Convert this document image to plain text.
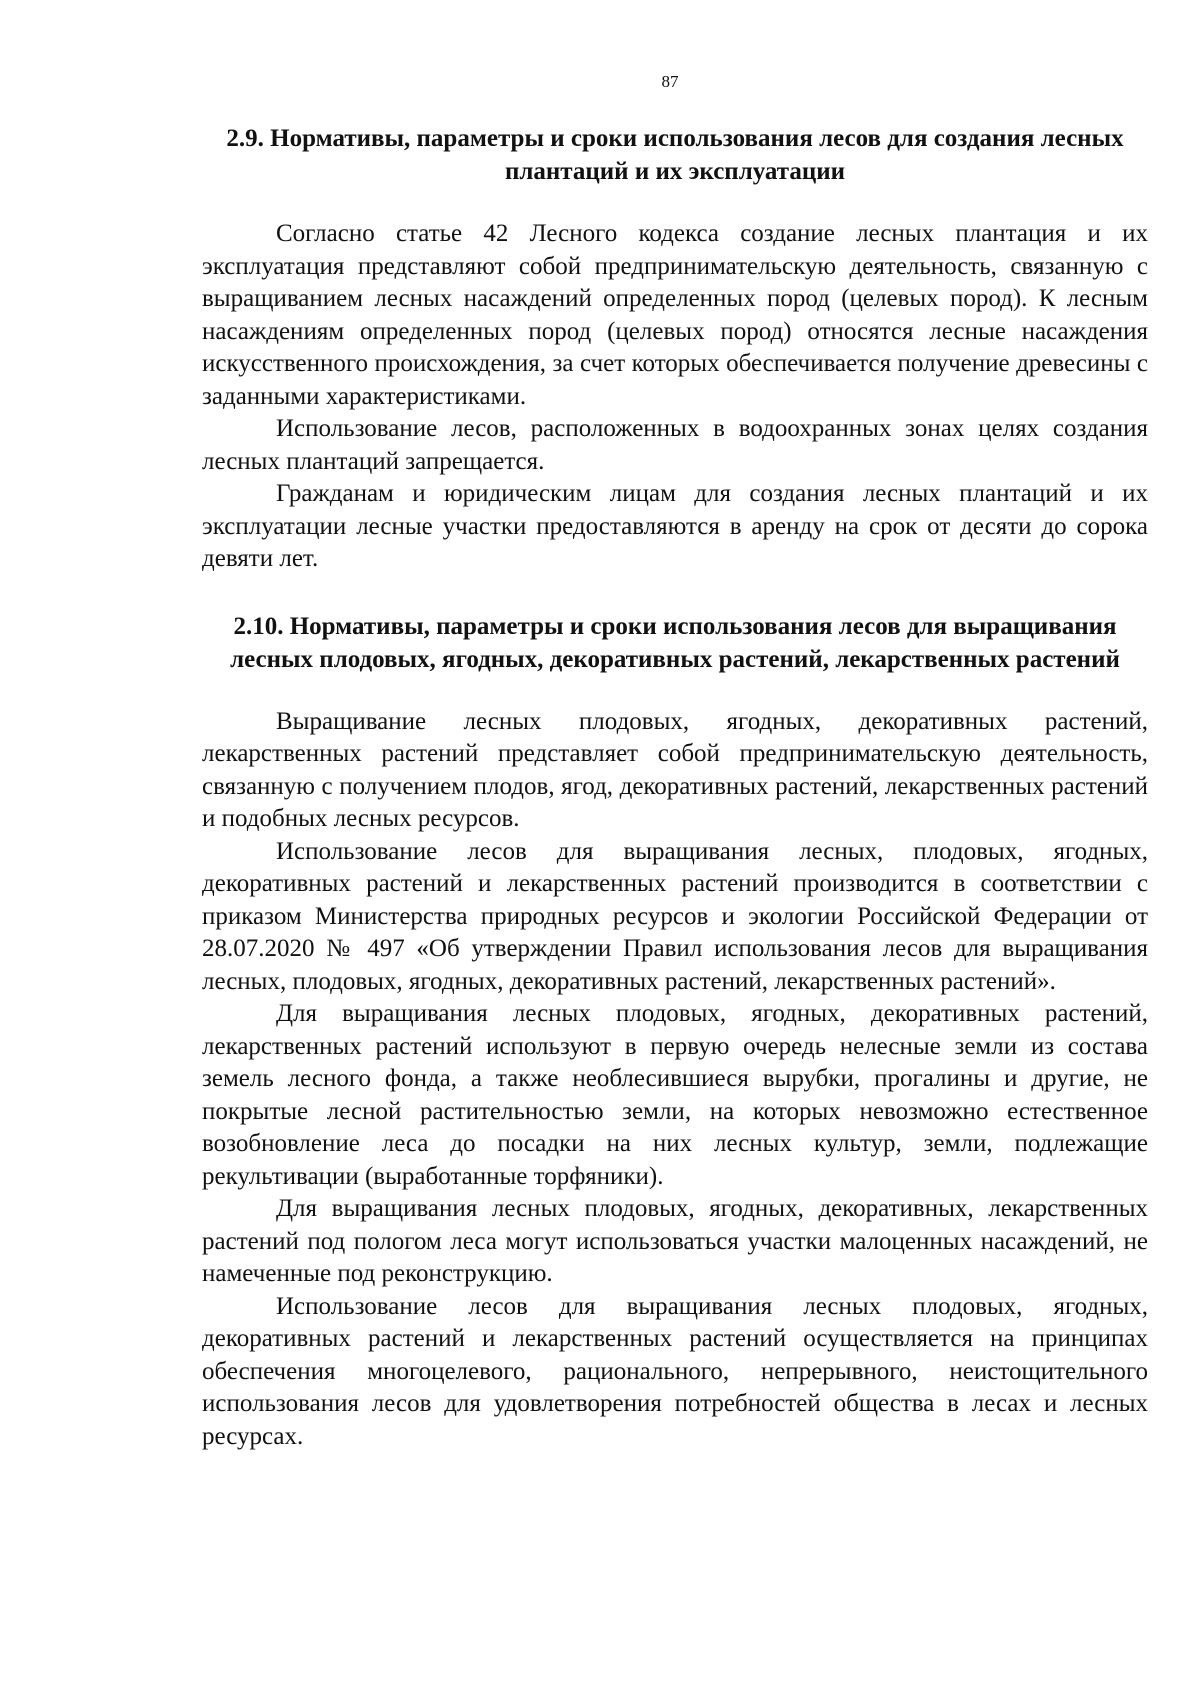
87
2.9. Нормативы, параметры и сроки использования лесов для создания лесных плантаций и их эксплуатации

Согласно статье 42 Лесного кодекса создание лесных плантация и их эксплуатация представляют собой предпринимательскую деятельность, связанную с выращиванием лесных насаждений определенных пород (целевых пород). К лесным насаждениям определенных пород (целевых пород) относятся лесные насаждения искусственного происхождения, за счет которых обеспечивается получение древесины с заданными характеристиками.

Использование лесов, расположенных в водоохранных зонах целях создания лесных плантаций запрещается.

Гражданам и юридическим лицам для создания лесных плантаций и их эксплуатации лесные участки предоставляются в аренду на срок от десяти до сорока девяти лет.

2.10. Нормативы, параметры и сроки использования лесов для выращивания лесных плодовых, ягодных, декоративных растений, лекарственных растений

Выращивание лесных плодовых, ягодных, декоративных растений, лекарственных растений представляет собой предпринимательскую деятельность, связанную с получением плодов, ягод, декоративных растений, лекарственных растений и подобных лесных ресурсов.

Использование лесов для выращивания лесных, плодовых, ягодных, декоративных растений и лекарственных растений производится в соответствии с приказом Министерства природных ресурсов и экологии Российской Федерации от 28.07.2020 № 497 «Об утверждении Правил использования лесов для выращивания лесных, плодовых, ягодных, декоративных растений, лекарственных растений».

Для выращивания лесных плодовых, ягодных, декоративных растений, лекарственных растений используют в первую очередь нелесные земли из состава земель лесного фонда, а также необлесившиеся вырубки, прогалины и другие, не покрытые лесной растительностью земли, на которых невозможно естественное возобновление леса до посадки на них лесных культур, земли, подлежащие рекультивации (выработанные торфяники).

Для выращивания лесных плодовых, ягодных, декоративных, лекарственных растений под пологом леса могут использоваться участки малоценных насаждений, не намеченные под реконструкцию.

Использование лесов для выращивания лесных плодовых, ягодных, декоративных растений и лекарственных растений осуществляется на принципах обеспечения многоцелевого, рационального, непрерывного, неистощительного использования лесов для удовлетворения потребностей общества в лесах и лесных ресурсах.
